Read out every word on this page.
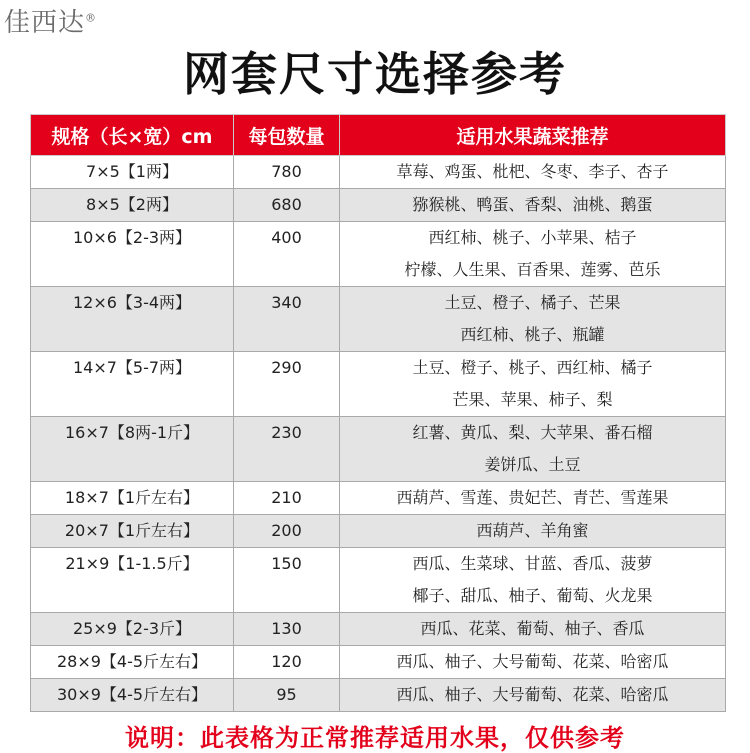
佳西达®
网套尺寸选择参考
规格（长×宽）cm	每包数量	适用水果蔬菜推荐

7×5【1两】	780	草莓、鸡蛋、枇杷、冬枣、李子、杏子

8×5【2两】	680	猕猴桃、鸭蛋、香梨、油桃、鹅蛋

10×6【2-3两】	400	西红柿、桃子、小苹果、桔子
柠檬、人生果、百香果、莲雾、芭乐

12×6【3-4两】	340	土豆、橙子、橘子、芒果
西红柿、桃子、瓶罐

14×7【5-7两】	290	土豆、橙子、桃子、西红柿、橘子
芒果、苹果、柿子、梨

16×7【8两-1斤】	230	红薯、黄瓜、梨、大苹果、番石榴
姜饼瓜、土豆

18×7【1斤左右】	210	西葫芦、雪莲、贵妃芒、青芒、雪莲果

20×7【1斤左右】	200	西葫芦、羊角蜜

21×9【1-1.5斤】	150	西瓜、生菜球、甘蓝、香瓜、菠萝
椰子、甜瓜、柚子、葡萄、火龙果

25×9【2-3斤】	130	西瓜、花菜、葡萄、柚子、香瓜

28×9【4-5斤左右】	120	西瓜、柚子、大号葡萄、花菜、哈密瓜

30×9【4-5斤左右】	95	西瓜、柚子、大号葡萄、花菜、哈密瓜
说明：此表格为正常推荐适用水果，仅供参考
